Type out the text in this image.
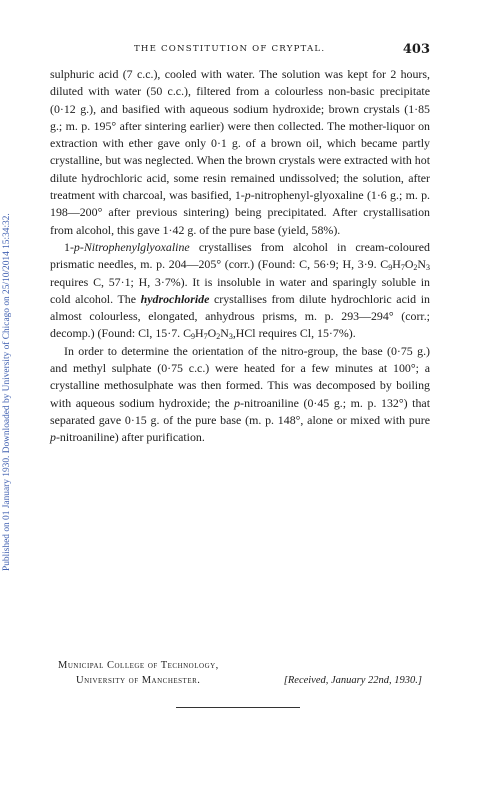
THE CONSTITUTION OF CRYPTAL.	403
Published on 01 January 1930. Downloaded by University of Chicago on 25/10/2014 15:34:32.

sulphuric acid (7 c.c.), cooled with water. The solution was kept for 2 hours, diluted with water (50 c.c.), filtered from a colourless non-basic precipitate (0·12 g.), and basified with aqueous sodium hydroxide; brown crystals (1·85 g.; m. p. 195° after sintering earlier) were then collected. The mother-liquor on extraction with ether gave only 0·1 g. of a brown oil, which became partly crystalline, but was neglected. When the brown crystals were extracted with hot dilute hydrochloric acid, some resin remained undissolved; the solution, after treatment with charcoal, was basified, 1-p-nitrophenyl-glyoxaline (1·6 g.; m. p. 198—200° after previous sintering) being precipitated. After crystallisation from alcohol, this gave 1·42 g. of the pure base (yield, 58%).

1-p-Nitrophenylglyoxaline crystallises from alcohol in cream-coloured prismatic needles, m. p. 204—205° (corr.) (Found: C, 56·9; H, 3·9. $C_9H_7O_2N_3$ requires C, 57·1; H, 3·7%). It is insoluble in water and sparingly soluble in cold alcohol. The hydrochloride crystallises from dilute hydrochloric acid in almost colourless, elongated, anhydrous prisms, m. p. 293—294° (corr.; decomp.) (Found: Cl, 15·7. $C_9H_7O_2N_3,HCl$ requires Cl, 15·7%).

In order to determine the orientation of the nitro-group, the base (0·75 g.) and methyl sulphate (0·75 c.c.) were heated for a few minutes at 100°; a crystalline methosulphate was then formed. This was decomposed by boiling with aqueous sodium hydroxide; the p-nitroaniline (0·45 g.; m. p. 132°) that separated gave 0·15 g. of the pure base (m. p. 148°, alone or mixed with pure p-nitroaniline) after purification.

Municipal College of Technology,
University of Manchester.	[Received, January 22nd, 1930.]
